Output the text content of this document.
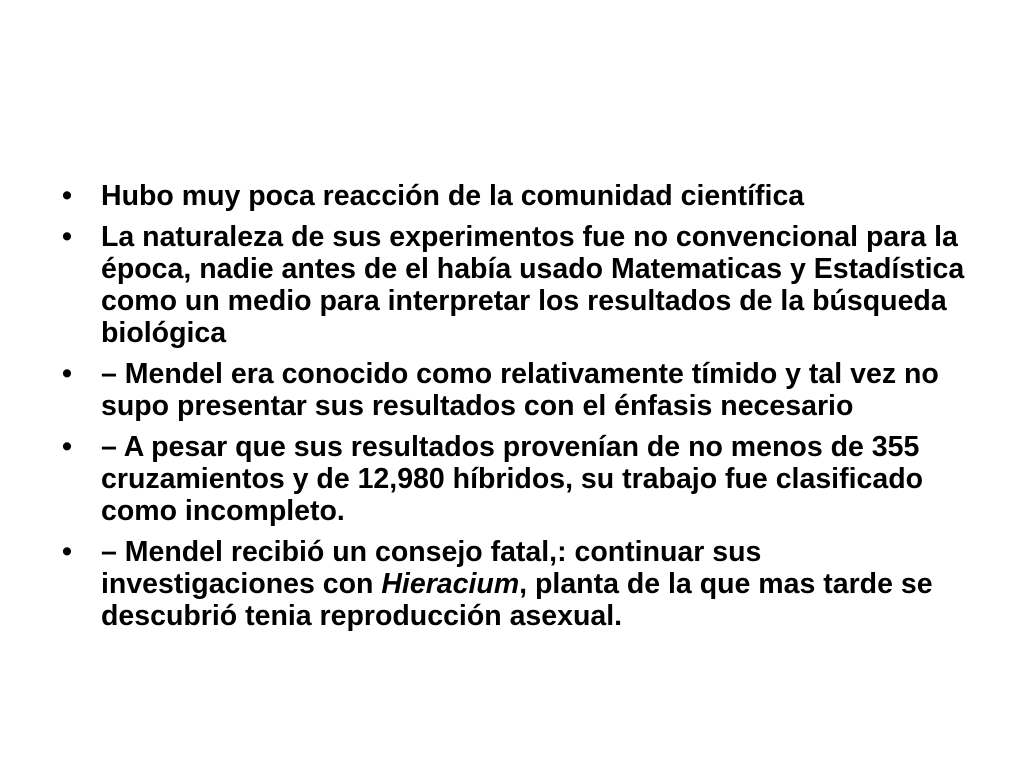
•	Hubo muy poca reacción de la comunidad científica
•	La naturaleza de sus experimentos fue no convencional para la época, nadie antes de el había usado Matematicas y Estadística como un medio para interpretar los resultados de la búsqueda biológica
•	– Mendel era conocido como relativamente tímido y tal vez no supo presentar sus resultados con el énfasis necesario
•	– A pesar que sus resultados provenían de no menos de 355 cruzamientos y de 12,980 híbridos, su trabajo fue clasificado como incompleto.
•	– Mendel recibió un consejo fatal,: continuar sus investigaciones con Hieracium, planta de la que mas tarde se descubrió tenia reproducción asexual.
